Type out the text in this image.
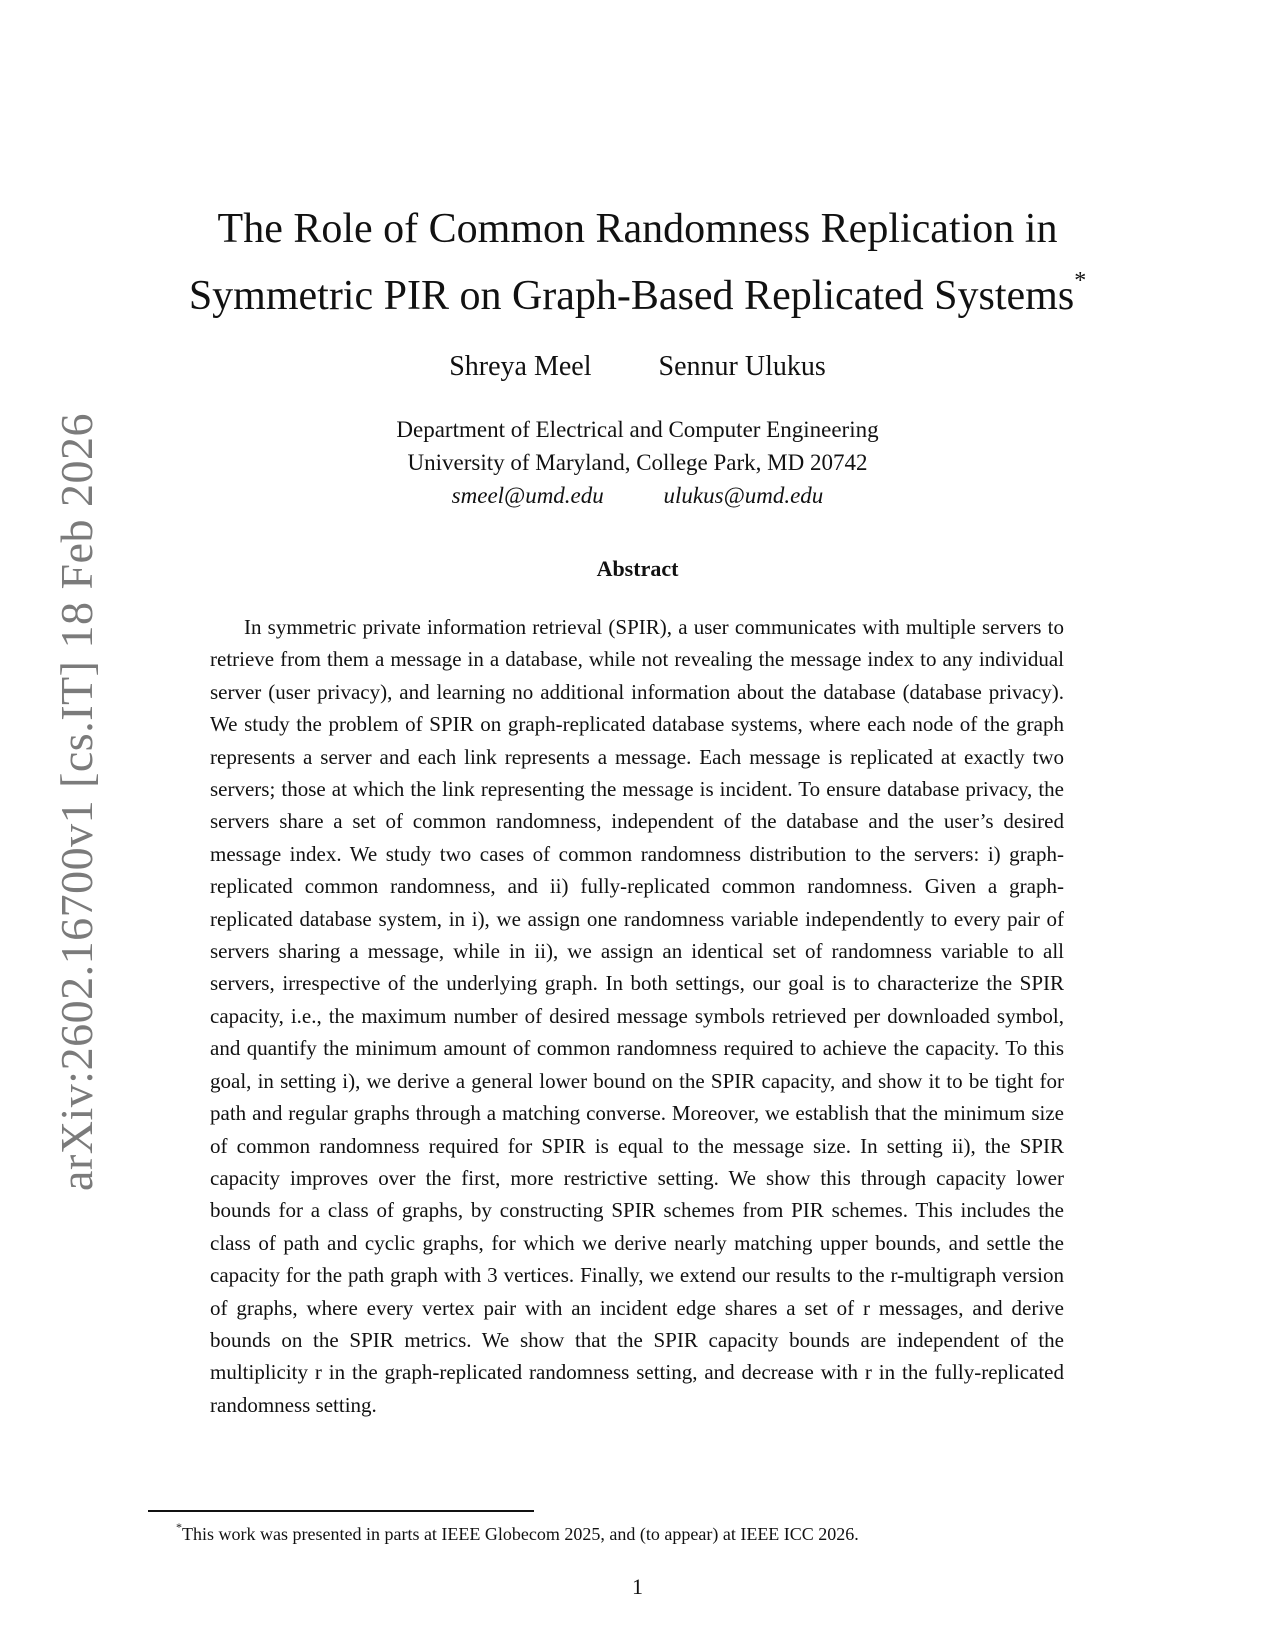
arXiv:2602.16700v1 [cs.IT] 18 Feb 2026
The Role of Common Randomness Replication in
Symmetric PIR on Graph-Based Replicated Systems*
Shreya Meel Sennur Ulukus
Department of Electrical and Computer Engineering
University of Maryland, College Park, MD 20742
smeel@umd.edu	ulukus@umd.edu
Abstract

In symmetric private information retrieval (SPIR), a user communicates with multiple servers to retrieve from them a message in a database, while not revealing the message index to any individual server (user privacy), and learning no additional information about the database (database privacy). We study the problem of SPIR on graph-replicated database systems, where each node of the graph represents a server and each link represents a message. Each message is replicated at exactly two servers; those at which the link representing the message is incident. To ensure database privacy, the servers share a set of common randomness, independent of the database and the user’s desired message index. We study two cases of common randomness distribution to the servers: i) graph-replicated common randomness, and ii) fully-replicated common randomness. Given a graph-replicated database system, in i), we assign one randomness variable independently to every pair of servers sharing a message, while in ii), we assign an identical set of randomness variable to all servers, irrespective of the underlying graph. In both settings, our goal is to characterize the SPIR capacity, i.e., the maximum number of desired message symbols retrieved per downloaded symbol, and quantify the minimum amount of common randomness required to achieve the capacity. To this goal, in setting i), we derive a general lower bound on the SPIR capacity, and show it to be tight for path and regular graphs through a matching converse. Moreover, we establish that the minimum size of common randomness required for SPIR is equal to the message size. In setting ii), the SPIR capacity improves over the first, more restrictive setting. We show this through capacity lower bounds for a class of graphs, by constructing SPIR schemes from PIR schemes. This includes the class of path and cyclic graphs, for which we derive nearly matching upper bounds, and settle the capacity for the path graph with 3 vertices. Finally, we extend our results to the r-multigraph version of graphs, where every vertex pair with an incident edge shares a set of r messages, and derive bounds on the SPIR metrics. We show that the SPIR capacity bounds are independent of the multiplicity r in the graph-replicated randomness setting, and decrease with r in the fully-replicated randomness setting.

*This work was presented in parts at IEEE Globecom 2025, and (to appear) at IEEE ICC 2026.
1
